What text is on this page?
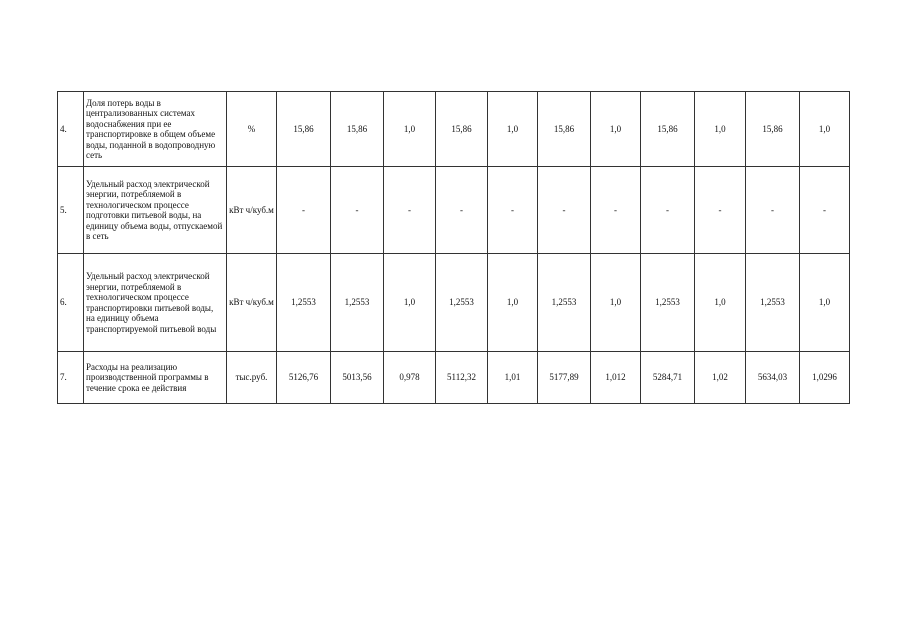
4.	Доля потерь воды в централизованных системах водоснабжения при ее транспортировке в общем объеме воды, поданной в водопроводную сеть	%	15,86	15,86	1,0	15,86	1,0	15,86	1,0	15,86	1,0	15,86	1,0
5.	Удельный расход электрической энергии, потребляемой в технологическом процессе подготовки питьевой воды, на единицу объема воды, отпускаемой в сеть	кВт ч/куб.м	-	-	-	-	-	-	-	-	-	-	-
6.	Удельный расход электрической энергии, потребляемой в технологическом процессе транспортировки питьевой воды, на единицу объема транспортируемой питьевой воды	кВт ч/куб.м	1,2553	1,2553	1,0	1,2553	1,0	1,2553	1,0	1,2553	1,0	1,2553	1,0
7.	Расходы на реализацию производственной программы в течение срока ее действия	тыс.руб.	5126,76	5013,56	0,978	5112,32	1,01	5177,89	1,012	5284,71	1,02	5634,03	1,0296
